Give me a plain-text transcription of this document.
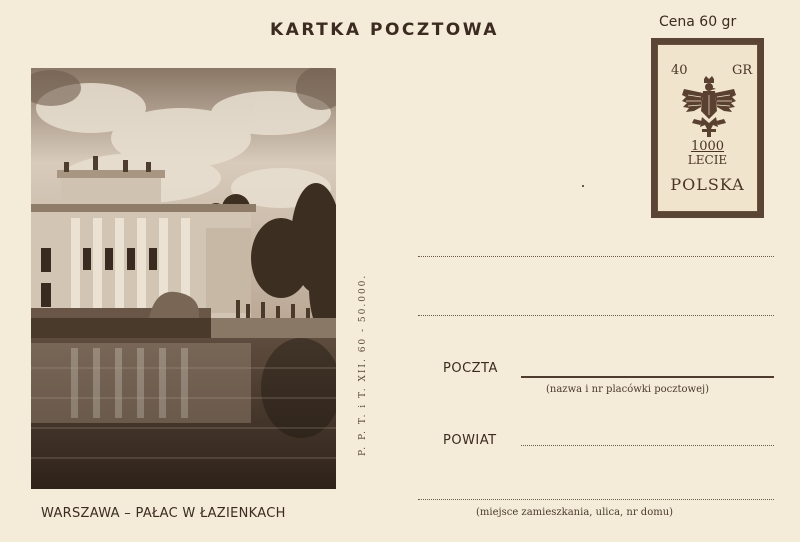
KARTKA POCZTOWA	Cena 60 gr
40	GR
1000
LECIE
POLSKA
WARSZAWA – PAŁAC W ŁAZIENKACH
P. P. T. i T. XII. 60 - 50.000.	POCZTA
(nazwa i nr placówki pocztowej)
POWIAT
(miejsce zamieszkania, ulica, nr domu)
